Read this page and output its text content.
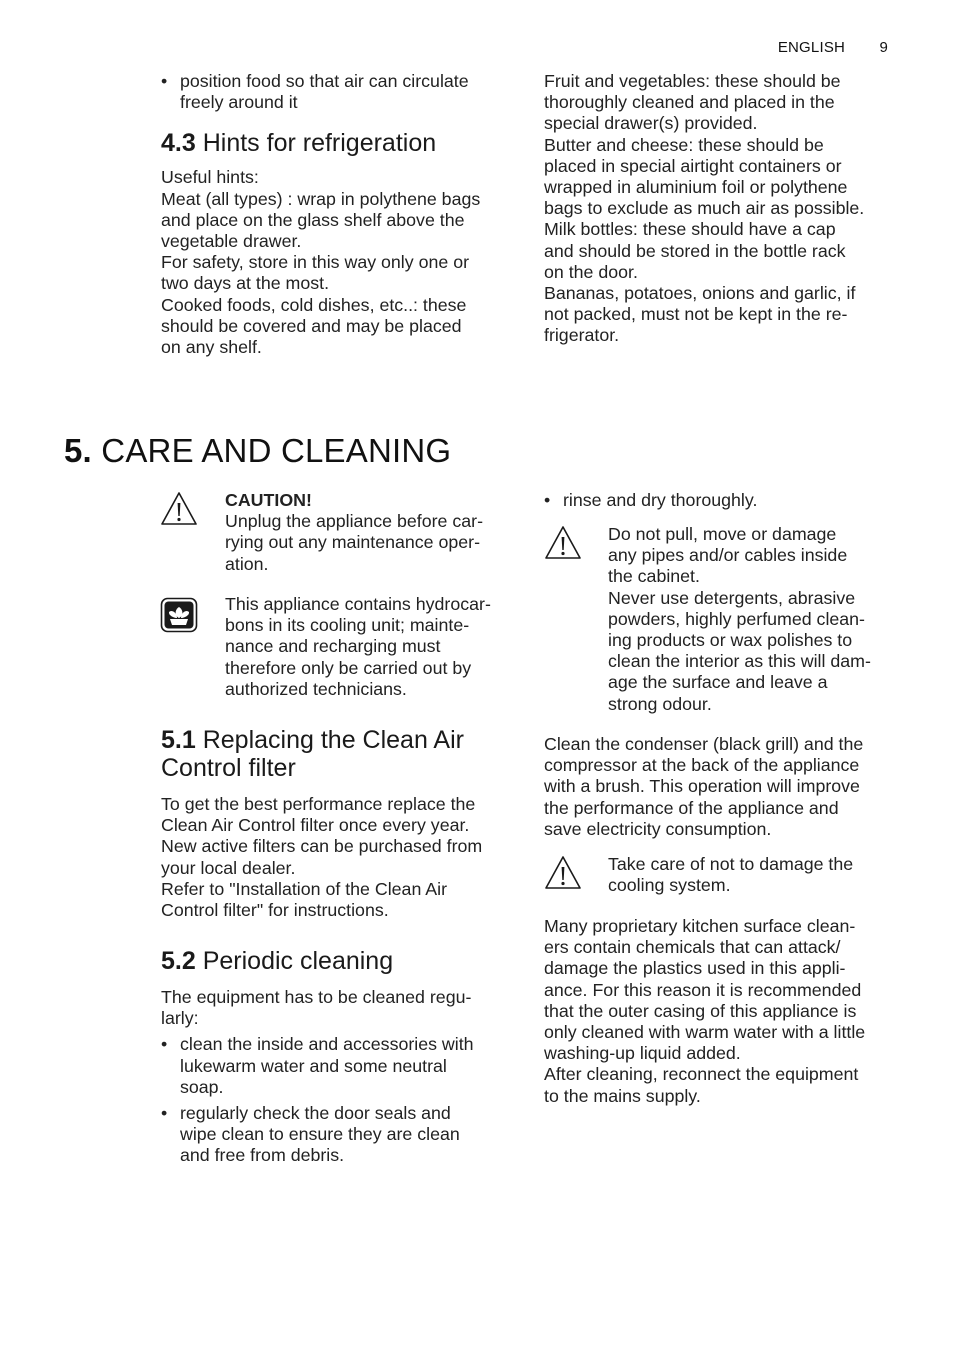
ENGLISH 9

• position food so that air can circulate

freely around it

4.3 Hints for refrigeration

Useful hints:

Meat (all types) : wrap in polythene bags

and place on the glass shelf above the

vegetable drawer.

For safety, store in this way only one or

two days at the most.

Cooked foods, cold dishes, etc..: these

should be covered and may be placed

on any shelf.

Fruit and vegetables: these should be

thoroughly cleaned and placed in the

special drawer(s) provided.

Butter and cheese: these should be

placed in special airtight containers or

wrapped in aluminium foil or polythene

bags to exclude as much air as possible.

Milk bottles: these should have a cap

and should be stored in the bottle rack

on the door.

Bananas, potatoes, onions and garlic, if

not packed, must not be kept in the re-

frigerator.

5. CARE AND CLEANING

CAUTION!

Unplug the appliance before car-

rying out any maintenance oper-

ation.

This appliance contains hydrocar-

bons in its cooling unit; mainte-

nance and recharging must

therefore only be carried out by

authorized technicians.

5.1 Replacing the Clean Air
Control filter

To get the best performance replace the

Clean Air Control filter once every year.

New active filters can be purchased from

your local dealer.

Refer to "Installation of the Clean Air

Control filter" for instructions.

5.2 Periodic cleaning

The equipment has to be cleaned regu-

larly:

• clean the inside and accessories with

lukewarm water and some neutral

soap.

• regularly check the door seals and

wipe clean to ensure they are clean

and free from debris.

• rinse and dry thoroughly.

Do not pull, move or damage

any pipes and/or cables inside

the cabinet.

Never use detergents, abrasive

powders, highly perfumed clean-

ing products or wax polishes to

clean the interior as this will dam-

age the surface and leave a

strong odour.

Clean the condenser (black grill) and the

compressor at the back of the appliance

with a brush. This operation will improve

the performance of the appliance and

save electricity consumption.

Take care of not to damage the

cooling system.

Many proprietary kitchen surface clean-

ers contain chemicals that can attack/

damage the plastics used in this appli-

ance. For this reason it is recommended

that the outer casing of this appliance is

only cleaned with warm water with a little

washing-up liquid added.

After cleaning, reconnect the equipment

to the mains supply.
